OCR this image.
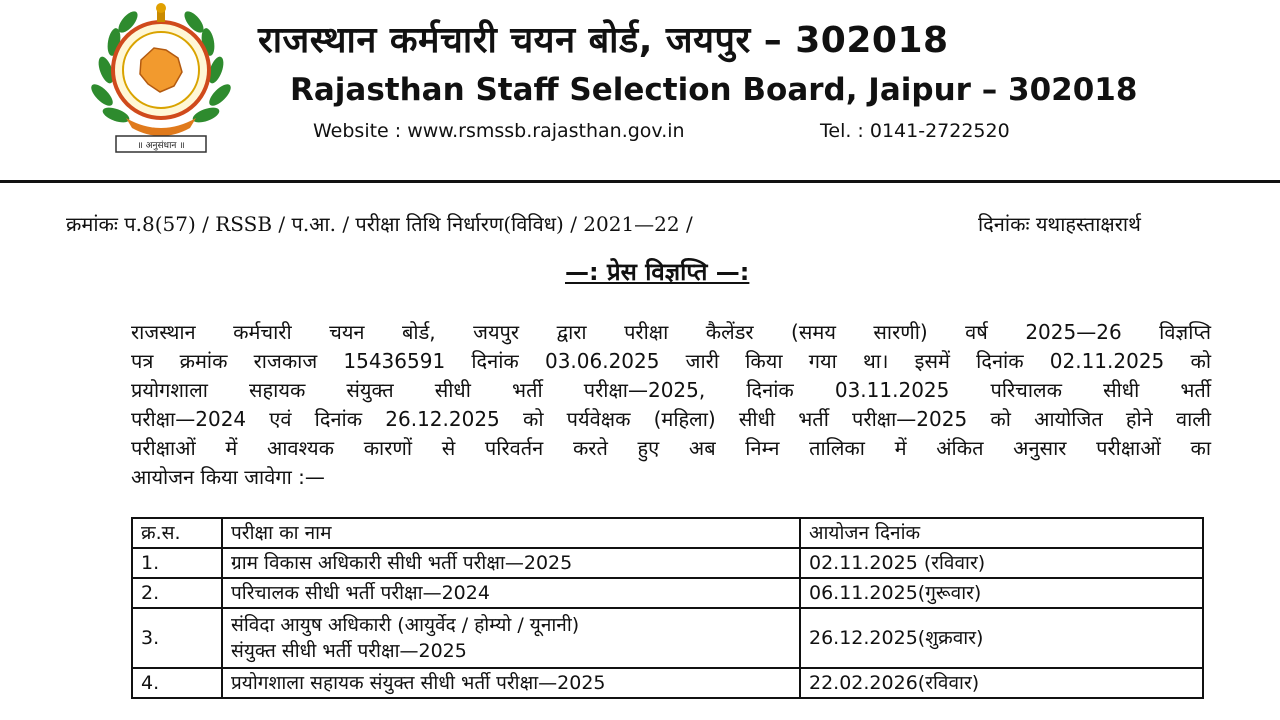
॥ अनुसंधान ॥
राजस्थान कर्मचारी चयन बोर्ड, जयपुर – 302018
Rajasthan Staff Selection Board, Jaipur – 302018
Website : www.rsmssb.rajasthan.gov.in	Tel. : 0141-2722520
क्रमांकः प.8(57) / RSSB / प.आ. / परीक्षा तिथि निर्धारण(विविध) / 2021—22 /	दिनांकः यथाहस्ताक्षरार्थ
—: प्रेस विज्ञप्ति —:

राजस्थान कर्मचारी चयन बोर्ड, जयपुर द्वारा परीक्षा कैलेंडर (समय सारणी) वर्ष 2025—26 विज्ञप्ति
पत्र क्रमांक राजकाज 15436591 दिनांक 03.06.2025 जारी किया गया था। इसमें दिनांक 02.11.2025 को
प्रयोगशाला सहायक संयुक्त सीधी भर्ती परीक्षा—2025, दिनांक 03.11.2025 परिचालक सीधी भर्ती
परीक्षा—2024 एवं दिनांक 26.12.2025 को पर्यवेक्षक (महिला) सीधी भर्ती परीक्षा—2025 को आयोजित होने वाली
परीक्षाओं में आवश्यक कारणों से परिवर्तन करते हुए अब निम्न तालिका में अंकित अनुसार परीक्षाओं का
आयोजन किया जावेगा :—

क्र.स.	परीक्षा का नाम	आयोजन दिनांक
1.	ग्राम विकास अधिकारी सीधी भर्ती परीक्षा—2025	02.11.2025 (रविवार)
2.	परिचालक सीधी भर्ती परीक्षा—2024	06.11.2025(गुरूवार)
3.	संविदा आयुष अधिकारी (आयुर्वेद / होम्यो / यूनानी)
संयुक्त सीधी भर्ती परीक्षा—2025	26.12.2025(शुक्रवार)
4.	प्रयोगशाला सहायक संयुक्त सीधी भर्ती परीक्षा—2025	22.02.2026(रविवार)
